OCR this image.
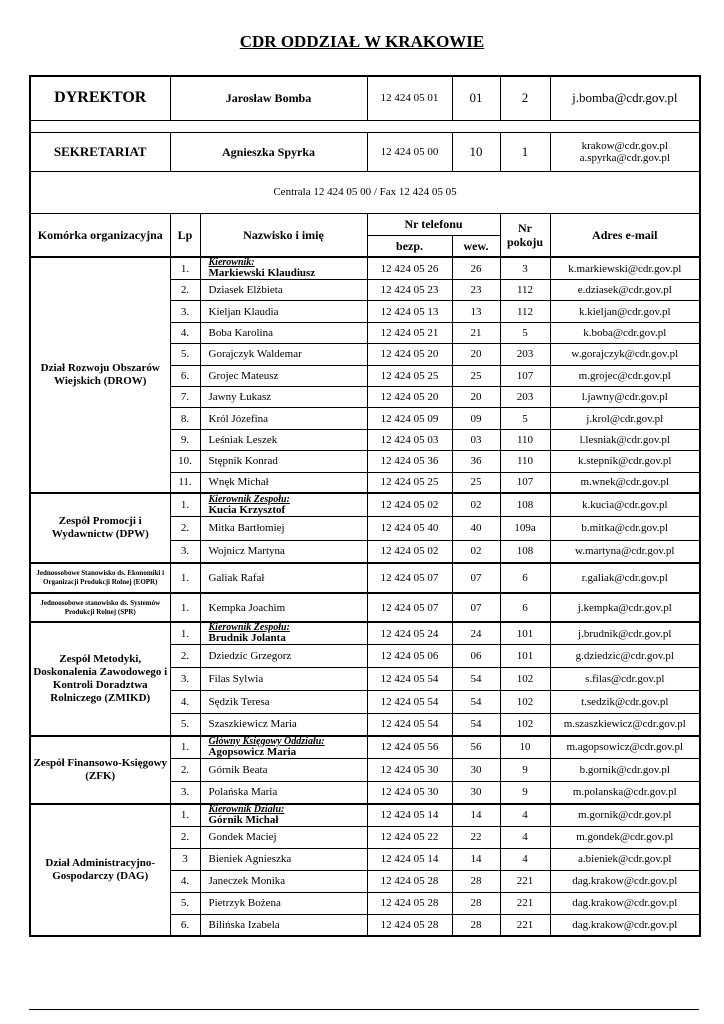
CDR ODDZIAŁ W KRAKOWIE
DYREKTOR	Jarosław Bomba		12 424 05 01	01	2	j.bomba@cdr.gov.pl

SEKRETARIAT	Agnieszka Spyrka		12 424 05 00	10	1	krakow@cdr.gov.pl
a.spyrka@cdr.gov.pl

Centrala 12 424 05 00 / Fax 12 424 05 05						
Komórka organizacyjna	Lp	Nazwisko i imię	Nr telefonu		Nr pokoju	Adres e-mail
			bezp.	wew.		
Dział Rozwoju Obszarów Wiejskich (DROW)	1.	Kierownik:
Markiewski Klaudiusz	12 424 05 26	26	3	k.markiewski@cdr.gov.pl
	2.	Dziasek Elżbieta	12 424 05 23	23	112	e.dziasek@cdr.gov.pl
	3.	Kieljan Klaudia	12 424 05 13	13	112	k.kieljan@cdr.gov.pl
	4.	Boba Karolina	12 424 05 21	21	5	k.boba@cdr.gov.pl
	5.	Gorajczyk Waldemar	12 424 05 20	20	203	w.gorajczyk@cdr.gov.pl
	6.	Grojec Mateusz	12 424 05 25	25	107	m.grojec@cdr.gov.pl
	7.	Jawny Łukasz	12 424 05 20	20	203	l.jawny@cdr.gov.pl
	8.	Król Józefina	12 424 05 09	09	5	j.krol@cdr.gov.pl
	9.	Leśniak Leszek	12 424 05 03	03	110	l.lesniak@cdr.gov.pl
	10.	Stępnik Konrad	12 424 05 36	36	110	k.stepnik@cdr.gov.pl
	11.	Wnęk Michał	12 424 05 25	25	107	m.wnek@cdr.gov.pl
Zespół Promocji i Wydawnictw (DPW)	1.	Kierownik Zespołu:
Kucia Krzysztof	12 424 05 02	02	108	k.kucia@cdr.gov.pl
	2.	Mitka Bartłomiej	12 424 05 40	40	109a	b.mitka@cdr.gov.pl
	3.	Wojnicz Martyna	12 424 05 02	02	108	w.martyna@cdr.gov.pl
Jednoosobowe Stanowisko ds. Ekonomiki i Organizacji Produkcji Rolnej (EOPR)	1.	Galiak Rafał	12 424 05 07	07	6	r.galiak@cdr.gov.pl
Jednoosobowe stanowisko ds. Systemów Produkcji Rolnej (SPR)	1.	Kempka Joachim	12 424 05 07	07	6	j.kempka@cdr.gov.pl
Zespół Metodyki, Doskonalenia Zawodowego i Kontroli Doradztwa Rolniczego (ZMIKD)	1.	Kierownik Zespołu:
Brudnik Jolanta	12 424 05 24	24	101	j.brudnik@cdr.gov.pl
	2.	Dziedzic Grzegorz	12 424 05 06	06	101	g.dziedzic@cdr.gov.pl
	3.	Filas Sylwia	12 424 05 54	54	102	s.filas@cdr.gov.pl
	4.	Sędzik Teresa	12 424 05 54	54	102	t.sedzik@cdr.gov.pl
	5.	Szaszkiewicz Maria	12 424 05 54	54	102	m.szaszkiewicz@cdr.gov.pl
Zespół Finansowo-Księgowy (ZFK)	1.	Główny Księgowy Oddziału:
Agopsowicz Maria	12 424 05 56	56	10	m.agopsowicz@cdr.gov.pl
	2.	Górnik Beata	12 424 05 30	30	9	b.gornik@cdr.gov.pl
	3.	Polańska Maria	12 424 05 30	30	9	m.polanska@cdr.gov.pl
Dział Administracyjno-Gospodarczy (DAG)	1.	Kierownik Działu:
Górnik Michał	12 424 05 14	14	4	m.gornik@cdr.gov.pl
	2.	Gondek Maciej	12 424 05 22	22	4	m.gondek@cdr.gov.pl
	3	Bieniek Agnieszka	12 424 05 14	14	4	a.bieniek@cdr.gov.pl
	4.	Janeczek Monika	12 424 05 28	28	221	dag.krakow@cdr.gov.pl
	5.	Pietrzyk Bożena	12 424 05 28	28	221	dag.krakow@cdr.gov.pl
	6.	Bilińska Izabela	12 424 05 28	28	221	dag.krakow@cdr.gov.pl
